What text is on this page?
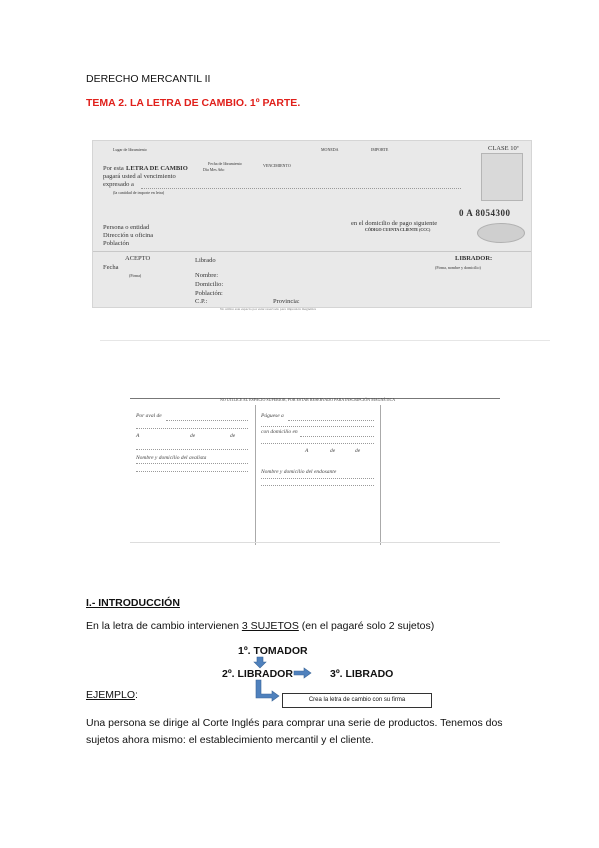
DERECHO MERCANTIL II
TEMA 2. LA LETRA DE CAMBIO. 1º PARTE.
Lugar de libramiento	MONEDA	IMPORTE	CLASE 10ª
Por esta LETRA DE CAMBIO
Fecha de libramiento
Día Mes Año
VENCIMIENTO
pagará usted al vencimiento
expresado a
(la cantidad de importe en letra)
0 A 8054300
en el domicilio de pago siguiente
CÓDIGO CUENTA CLIENTE (CCC)
Persona o entidad
Dirección u oficina
Población
ACEPTO
Fecha
(Firma)
Librado
Nombre:
Domicilio:
Población:
C.P.:	Provincia:
LIBRADOR:
(Firma, nombre y domicilio)
No utilice este espacio por estar reservado para impresión magnética
NO UTILICE EL ESPACIO SUPERIOR, POR ESTAR RESERVADO PARA INSCRIPCIÓN MAGNÉTICA
Por aval de
A	de	de
Nombre y domicilio del avalista
Páguese a
con domicilio en
A	de	de
Nombre y domicilio del endosante
I.- INTRODUCCIÓN
En la letra de cambio intervienen 3 SUJETOS (en el pagaré solo 2 sujetos)
1º. TOMADOR
2º. LIBRADOR	3º. LIBRADO
Crea la letra de cambio con su firma
EJEMPLO:
Una persona se dirige al Corte Inglés para comprar una serie de productos. Tenemos dos sujetos ahora mismo: el establecimiento mercantil y el cliente.
